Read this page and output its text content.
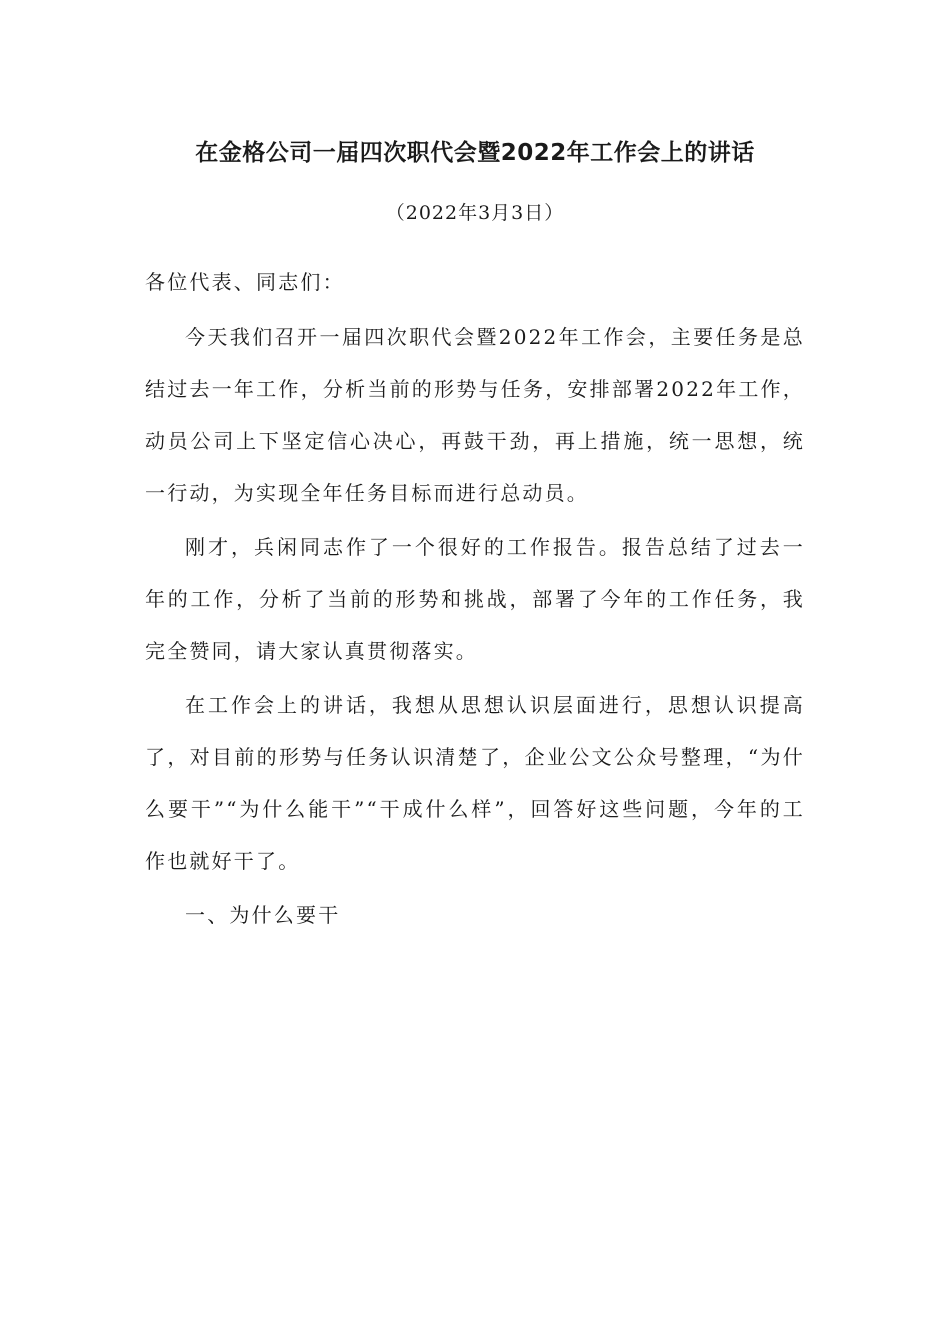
在金格公司一届四次职代会暨2022年工作会上的讲话
（2022年3月3日）

各位代表、同志们：

今天我们召开一届四次职代会暨2022年工作会，主要任务是总结过去一年工作，分析当前的形势与任务，安排部署2022年工作，动员公司上下坚定信心决心，再鼓干劲，再上措施，统一思想，统一行动，为实现全年任务目标而进行总动员。

刚才，兵闲同志作了一个很好的工作报告。报告总结了过去一年的工作，分析了当前的形势和挑战，部署了今年的工作任务，我完全赞同，请大家认真贯彻落实。

在工作会上的讲话，我想从思想认识层面进行，思想认识提高了，对目前的形势与任务认识清楚了，企业公文公众号整理，“为什么要干”“为什么能干”“干成什么样”，回答好这些问题，今年的工作也就好干了。

一、为什么要干
